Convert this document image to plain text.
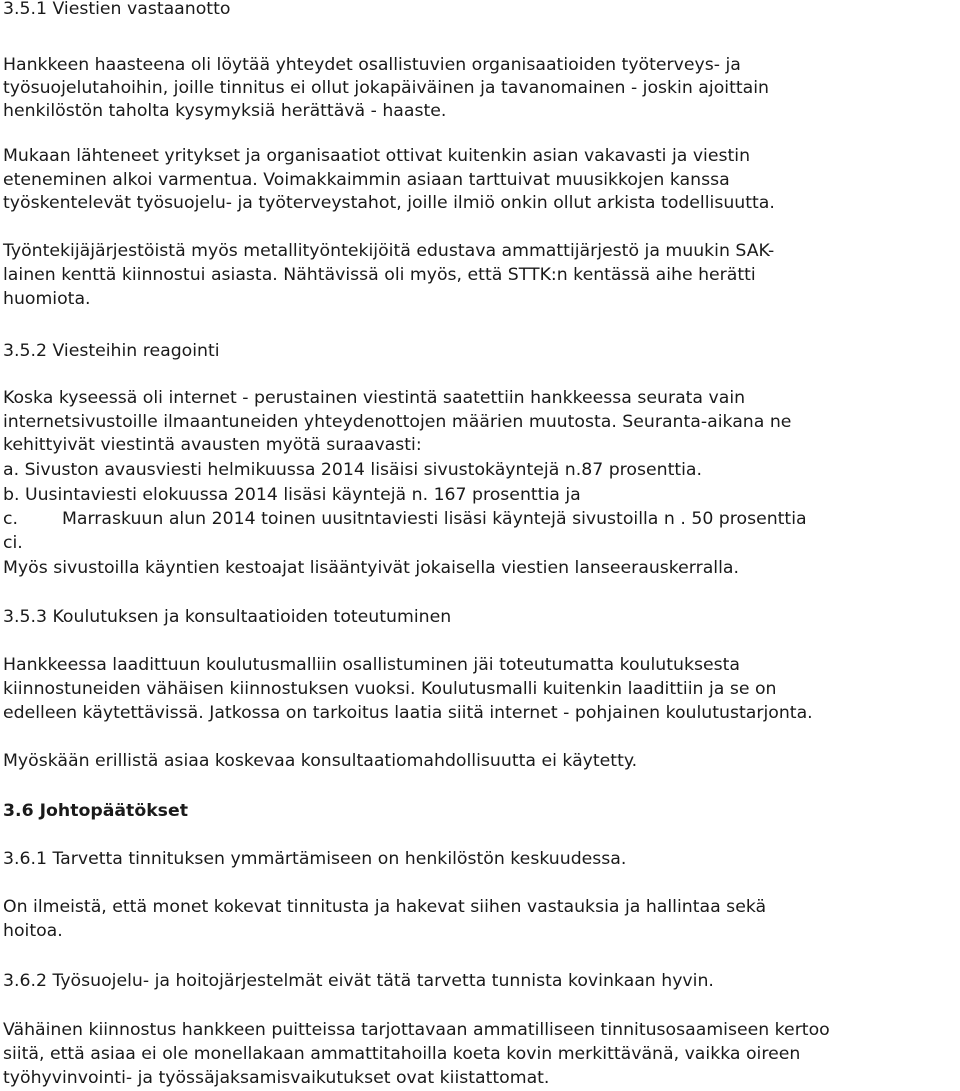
3.5.1 Viestien vastaanotto
Hankkeen haasteena oli löytää yhteydet osallistuvien organisaatioiden työterveys- ja
työsuojelutahoihin, joille tinnitus ei ollut jokapäiväinen ja tavanomainen - joskin ajoittain
henkilöstön taholta kysymyksiä herättävä - haaste.
Mukaan lähteneet yritykset ja organisaatiot ottivat kuitenkin asian vakavasti ja viestin
eteneminen alkoi varmentua. Voimakkaimmin asiaan tarttuivat muusikkojen kanssa
työskentelevät työsuojelu- ja työterveystahot, joille ilmiö onkin ollut arkista todellisuutta.
Työntekijäjärjestöistä myös metallityöntekijöitä edustava ammattijärjestö ja muukin SAK-
lainen kenttä kiinnostui asiasta. Nähtävissä oli myös, että STTK:n kentässä aihe herätti
huomiota.
3.5.2 Viesteihin reagointi
Koska kyseessä oli internet - perustainen viestintä saatettiin hankkeessa seurata vain
internetsivustoille ilmaantuneiden yhteydenottojen määrien muutosta. Seuranta-aikana ne
kehittyivät viestintä avausten myötä suraavasti:
a. Sivuston avausviesti helmikuussa 2014 lisäisi sivustokäyntejä n.87 prosenttia.
b. Uusintaviesti elokuussa 2014 lisäsi käyntejä n. 167 prosenttia ja
c.	Marraskuun alun 2014 toinen uusitntaviesti lisäsi käyntejä sivustoilla n . 50 prosenttia
ci.
Myös sivustoilla käyntien kestoajat lisääntyivät jokaisella viestien lanseerauskerralla.
3.5.3 Koulutuksen ja konsultaatioiden toteutuminen
Hankkeessa laadittuun koulutusmalliin osallistuminen jäi toteutumatta koulutuksesta
kiinnostuneiden vähäisen kiinnostuksen vuoksi. Koulutusmalli kuitenkin laadittiin ja se on
edelleen käytettävissä. Jatkossa on tarkoitus laatia siitä internet - pohjainen koulutustarjonta.
Myöskään erillistä asiaa koskevaa konsultaatiomahdollisuutta ei käytetty.
3.6 Johtopäätökset
3.6.1 Tarvetta tinnituksen ymmärtämiseen on henkilöstön keskuudessa.
On ilmeistä, että monet kokevat tinnitusta ja hakevat siihen vastauksia ja hallintaa sekä
hoitoa.
3.6.2 Työsuojelu- ja hoitojärjestelmät eivät tätä tarvetta tunnista kovinkaan hyvin.
Vähäinen kiinnostus hankkeen puitteissa tarjottavaan ammatilliseen tinnitusosaamiseen kertoo
siitä, että asiaa ei ole monellakaan ammattitahoilla koeta kovin merkittävänä, vaikka oireen
työhyvinvointi- ja työssäjaksamisvaikutukset ovat kiistattomat.
